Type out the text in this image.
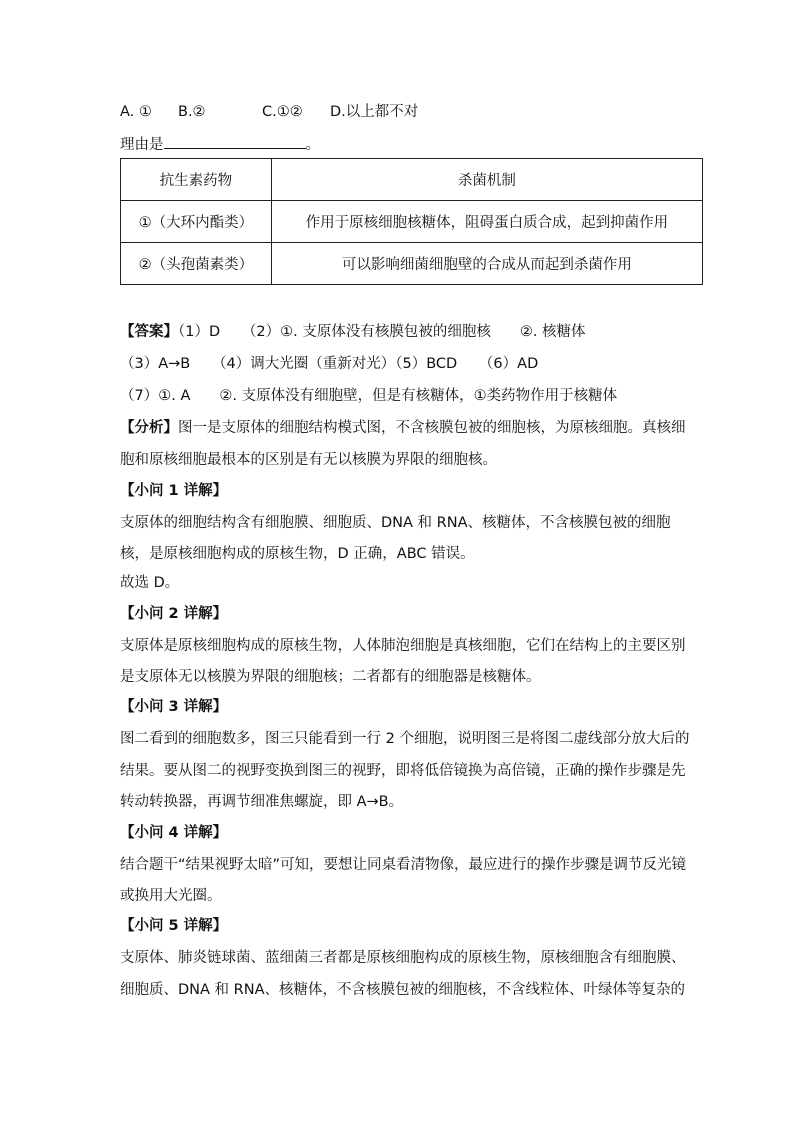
A. ① B.②	C.①② D.以上都不对
理由是	。
抗生素药物	杀菌机制
①（大环内酯类）	作用于原核细胞核糖体，阻碍蛋白质合成，起到抑菌作用
②（头孢菌素类）	可以影响细菌细胞壁的合成从而起到杀菌作用
【答案】（1）D　　（2）①. 支原体没有核膜包被的细胞核　　②. 核糖体
（3）A→B　　（4）调大光圈（重新对光）（5）BCD　　（6）AD
（7）①. A　　②. 支原体没有细胞壁，但是有核糖体，①类药物作用于核糖体
【分析】图一是支原体的细胞结构模式图，不含核膜包被的细胞核，为原核细胞。真核细
胞和原核细胞最根本的区别是有无以核膜为界限的细胞核。
【小问 1 详解】
支原体的细胞结构含有细胞膜、细胞质、DNA 和 RNA、核糖体，不含核膜包被的细胞
核，是原核细胞构成的原核生物，D 正确，ABC 错误。
故选 D。
【小问 2 详解】
支原体是原核细胞构成的原核生物，人体肺泡细胞是真核细胞，它们在结构上的主要区别
是支原体无以核膜为界限的细胞核；二者都有的细胞器是核糖体。
【小问 3 详解】
图二看到的细胞数多，图三只能看到一行 2 个细胞，说明图三是将图二虚线部分放大后的
结果。要从图二的视野变换到图三的视野，即将低倍镜换为高倍镜，正确的操作步骤是先
转动转换器，再调节细准焦螺旋，即 A→B。
【小问 4 详解】
结合题干“结果视野太暗”可知，要想让同桌看清物像，最应进行的操作步骤是调节反光镜
或换用大光圈。
【小问 5 详解】
支原体、肺炎链球菌、蓝细菌三者都是原核细胞构成的原核生物，原核细胞含有细胞膜、
细胞质、DNA 和 RNA、核糖体，不含核膜包被的细胞核，不含线粒体、叶绿体等复杂的
